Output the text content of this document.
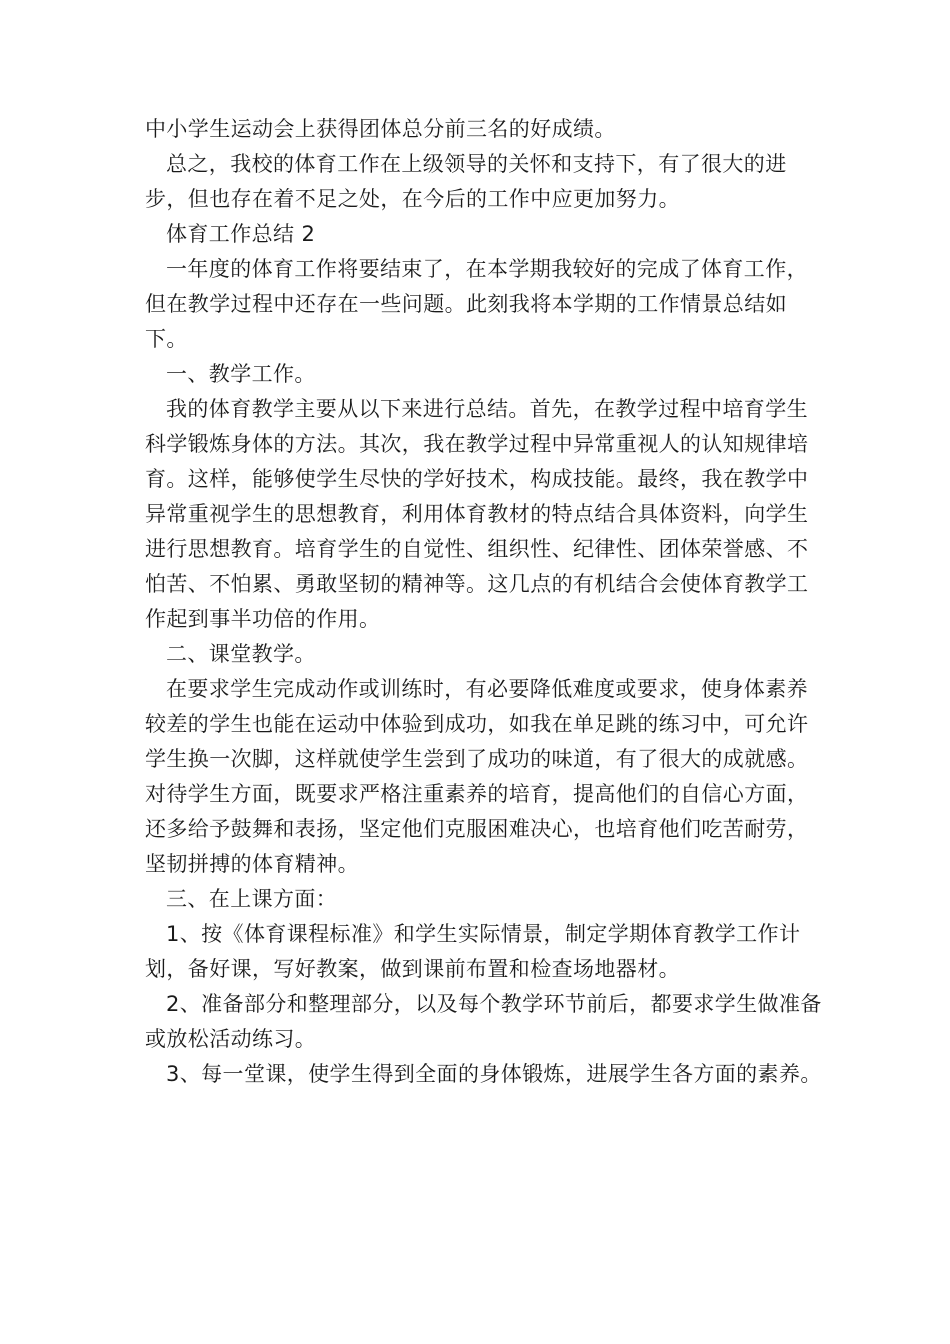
中小学生运动会上获得团体总分前三名的好成绩。

总之，我校的体育工作在上级领导的关怀和支持下，有了很大的进步，但也存在着不足之处，在今后的工作中应更加努力。

体育工作总结 2

一年度的体育工作将要结束了，在本学期我较好的完成了体育工作，但在教学过程中还存在一些问题。此刻我将本学期的工作情景总结如下。

一、教学工作。

我的体育教学主要从以下来进行总结。首先，在教学过程中培育学生科学锻炼身体的方法。其次，我在教学过程中异常重视人的认知规律培育。这样，能够使学生尽快的学好技术，构成技能。最终，我在教学中异常重视学生的思想教育，利用体育教材的特点结合具体资料，向学生进行思想教育。培育学生的自觉性、组织性、纪律性、团体荣誉感、不怕苦、不怕累、勇敢坚韧的精神等。这几点的有机结合会使体育教学工作起到事半功倍的作用。

二、课堂教学。

在要求学生完成动作或训练时，有必要降低难度或要求，使身体素养较差的学生也能在运动中体验到成功，如我在单足跳的练习中，可允许学生换一次脚，这样就使学生尝到了成功的味道，有了很大的成就感。对待学生方面，既要求严格注重素养的培育，提高他们的自信心方面，还多给予鼓舞和表扬，坚定他们克服困难决心，也培育他们吃苦耐劳，坚韧拼搏的体育精神。

三、在上课方面：

1、按《体育课程标准》和学生实际情景，制定学期体育教学工作计划，备好课，写好教案，做到课前布置和检查场地器材。

2、准备部分和整理部分，以及每个教学环节前后，都要求学生做准备或放松活动练习。

3、每一堂课，使学生得到全面的身体锻炼，进展学生各方面的素养。
